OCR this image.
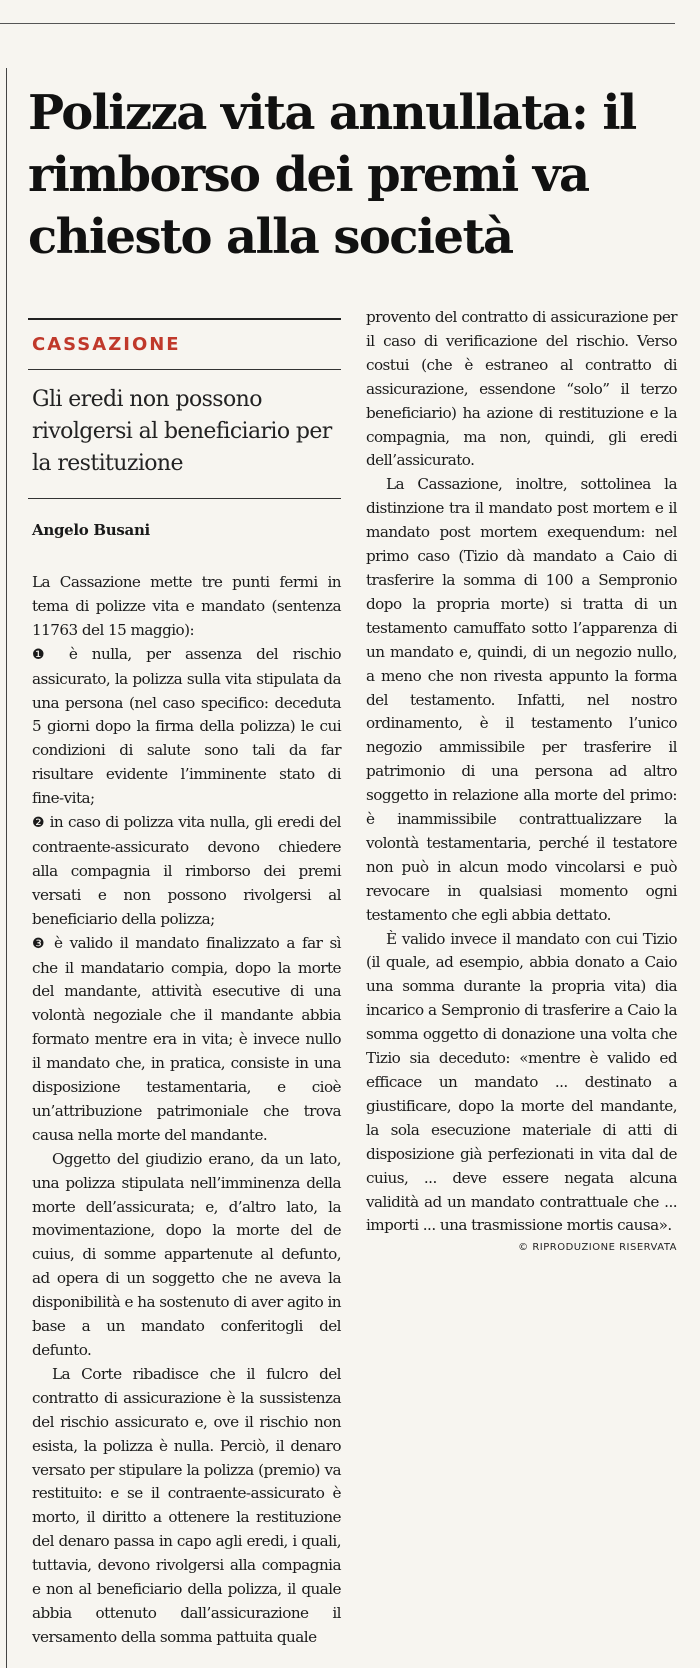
Polizza vita annullata: il rimborso dei premi va chiesto alla società
CASSAZIONE
Gli eredi non possono rivolgersi al beneficiario per la restituzione
Angelo Busani

La Cassazione mette tre punti fermi in tema di polizze vita e mandato (sentenza 11763 del 15 maggio):

❶ è nulla, per assenza del rischio assicurato, la polizza sulla vita stipulata da una persona (nel caso specifico: deceduta 5 giorni dopo la firma della polizza) le cui condizioni di salute sono tali da far risultare evidente l’imminente stato di fine-vita;

❷ in caso di polizza vita nulla, gli eredi del contraente-assicurato devono chiedere alla compagnia il rimborso dei premi versati e non possono rivolgersi al beneficiario della polizza;

❸ è valido il mandato finalizzato a far sì che il mandatario compia, dopo la morte del mandante, attività esecutive di una volontà negoziale che il mandante abbia formato mentre era in vita; è invece nullo il mandato che, in pratica, consiste in una disposizione testamentaria, e cioè un’attribuzione patrimoniale che trova causa nella morte del mandante.

Oggetto del giudizio erano, da un lato, una polizza stipulata nell’imminenza della morte dell’assicurata; e, d’altro lato, la movimentazione, dopo la morte del de cuius, di somme appartenute al defunto, ad opera di un soggetto che ne aveva la disponibilità e ha sostenuto di aver agito in base a un mandato conferitogli del defunto.

La Corte ribadisce che il fulcro del contratto di assicurazione è la sussistenza del rischio assicurato e, ove il rischio non esista, la polizza è nulla. Perciò, il denaro versato per stipulare la polizza (premio) va restituito: e se il contraente-assicurato è morto, il diritto a ottenere la restituzione del denaro passa in capo agli eredi, i quali, tuttavia, devono rivolgersi alla compagnia e non al beneficiario della polizza, il quale abbia ottenuto dall’assicurazione il versamento della somma pattuita quale

provento del contratto di assicurazione per il caso di verificazione del rischio. Verso costui (che è estraneo al contratto di assicurazione, essendone “solo” il terzo beneficiario) ha azione di restituzione e la compagnia, ma non, quindi, gli eredi dell’assicurato.

La Cassazione, inoltre, sottolinea la distinzione tra il mandato post mortem e il mandato post mortem exequendum: nel primo caso (Tizio dà mandato a Caio di trasferire la somma di 100 a Sempronio dopo la propria morte) si tratta di un testamento camuffato sotto l’apparenza di un mandato e, quindi, di un negozio nullo, a meno che non rivesta appunto la forma del testamento. Infatti, nel nostro ordinamento, è il testamento l’unico negozio ammissibile per trasferire il patrimonio di una persona ad altro soggetto in relazione alla morte del primo: è inammissibile contrattualizzare la volontà testamentaria, perché il testatore non può in alcun modo vincolarsi e può revocare in qualsiasi momento ogni testamento che egli abbia dettato.

È valido invece il mandato con cui Tizio (il quale, ad esempio, abbia donato a Caio una somma durante la propria vita) dia incarico a Sempronio di trasferire a Caio la somma oggetto di donazione una volta che Tizio sia deceduto: «mentre è valido ed efficace un mandato ... destinato a giustificare, dopo la morte del mandante, la sola esecuzione materiale di atti di disposizione già perfezionati in vita dal de cuius, ... deve essere negata alcuna validità ad un mandato contrattuale che ... importi ... una trasmissione mortis causa».

© RIPRODUZIONE RISERVATA
